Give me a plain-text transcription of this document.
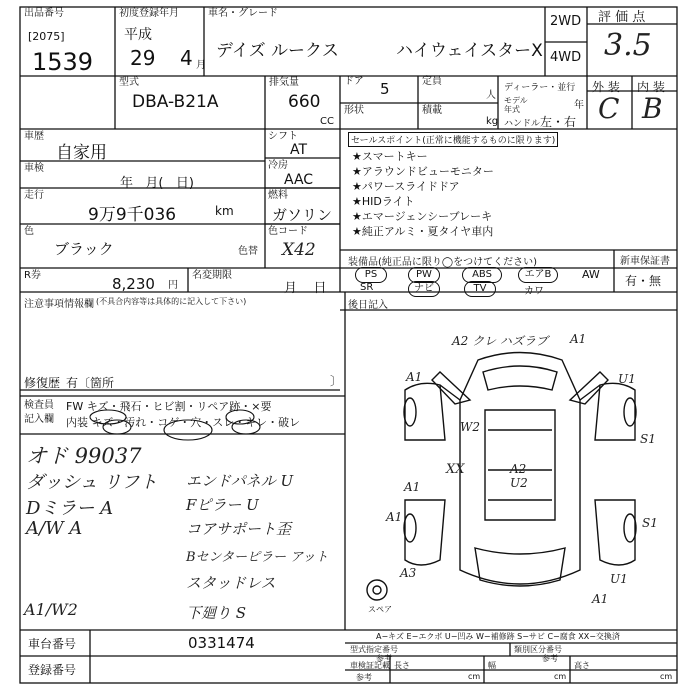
出品番号
[2075]
1539
初度登録年月
平成
29 4 月
車名・グレード
デイズ ルークス	ハイウェイスターX
2WD
4WD
評 価 点
3.5
型式
DBA-B21A
排気量
660
CC
ドア 5	定員
人
形状	積載
kg
ディーラー・並行
モデル年式	年
ハンドル 左・右
外 装 内 装
C B
車歴
自家用
車検
年   月(   日)
走行
9万9千036	km
色
ブラック	色替
R券	8,230 円
名変期限
月    日
シフト
AT
冷房
AAC
燃料
ガソリン
色コード
X42
セールスポイント(正常に機能するものに限ります)
★スマートキー
★アラウンドビューモニター
★パワースライドドア
★HIDライト
★エマージェンシーブレーキ
★純正アルミ・夏タイヤ車内
装備品(純正品に限り◯をつけてください)
PS	PW	ABS	エアB	AW
SR	ナビ	TV	カワ
新車保証書
有・無
注意事項情報欄 (不具合内容等は具体的に記入して下さい)
修復歴 有〔箇所	〕
後日記入
検査員
記入欄
FW キズ・飛石・ヒビ割・リペア跡・×要
内装 キズ・汚れ・コゲ・穴・スレ・キレ・破レ
オド 99037
ダッシュ リフト
Dミラー A
A/W A
A1/W2
エンドパネル U
Fピラー U
コアサポート歪
Bセンターピラー アット
スタッドレス
下廻り S
A2 クレ ハズラブ A1
U1
A1
S1
W2
XX	A2 U2
A1
A1	S1
A3	U1
A1
スペア
A−キズ E−エクボ U−凹み W−補修跡 S−サビ C−腐食 XX−交換済
車台番号	0331474
登録番号
型式指定番号
参考
類別区分番号
参考
車検証記載
参考
長さ
cm
幅
cm
高さ
cm
